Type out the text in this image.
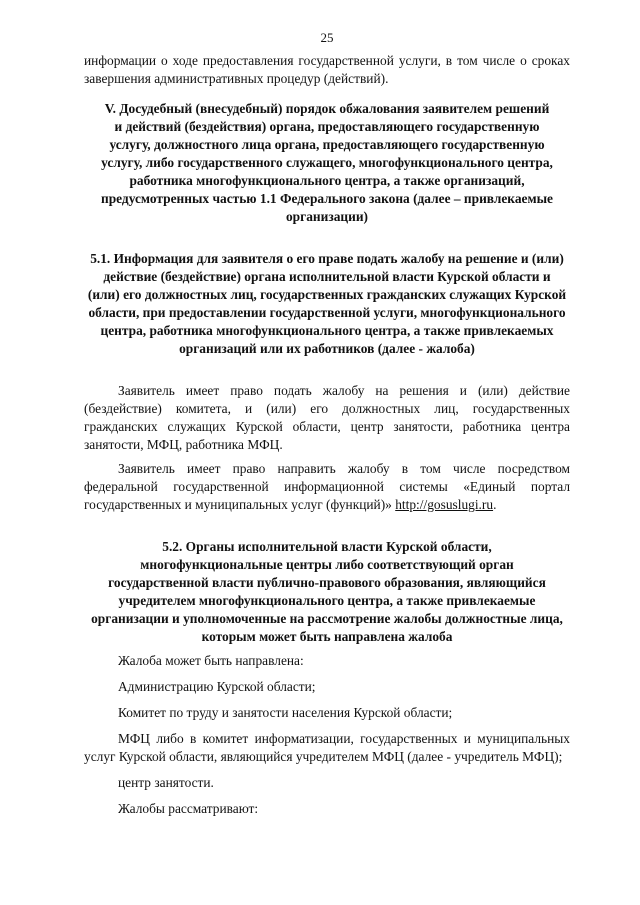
25

информации о ходе предоставления государственной услуги, в том числе о сроках завершения административных процедур (действий).

V. Досудебный (внесудебный) порядок обжалования заявителем решений и действий (бездействия) органа, предоставляющего государственную услугу, должностного лица органа, предоставляющего государственную услугу, либо государственного служащего, многофункционального центра, работника многофункционального центра, а также организаций, предусмотренных частью 1.1 Федерального закона (далее – привлекаемые организации)

5.1. Информация для заявителя о его праве подать жалобу на решение и (или) действие (бездействие) органа исполнительной власти Курской области и (или) его должностных лиц, государственных гражданских служащих Курской области, при предоставлении государственной услуги, многофункционального центра, работника многофункционального центра, а также привлекаемых организаций или их работников (далее - жалоба)

Заявитель имеет право подать жалобу на решения и (или) действие (бездействие) комитета, и (или) его должностных лиц, государственных гражданских служащих Курской области, центр занятости, работника центра занятости, МФЦ, работника МФЦ.

Заявитель имеет право направить жалобу в том числе посредством федеральной государственной информационной системы «Единый портал государственных и муниципальных услуг (функций)» http://gosuslugi.ru.

5.2. Органы исполнительной власти Курской области, многофункциональные центры либо соответствующий орган государственной власти публично-правового образования, являющийся учредителем многофункционального центра, а также привлекаемые организации и уполномоченные на рассмотрение жалобы должностные лица, которым может быть направлена жалоба

Жалоба может быть направлена:

Администрацию Курской области;

Комитет по труду и занятости населения Курской области;

МФЦ либо в комитет информатизации, государственных и муниципальных услуг Курской области, являющийся учредителем МФЦ (далее - учредитель МФЦ);

центр занятости.

Жалобы рассматривают:
